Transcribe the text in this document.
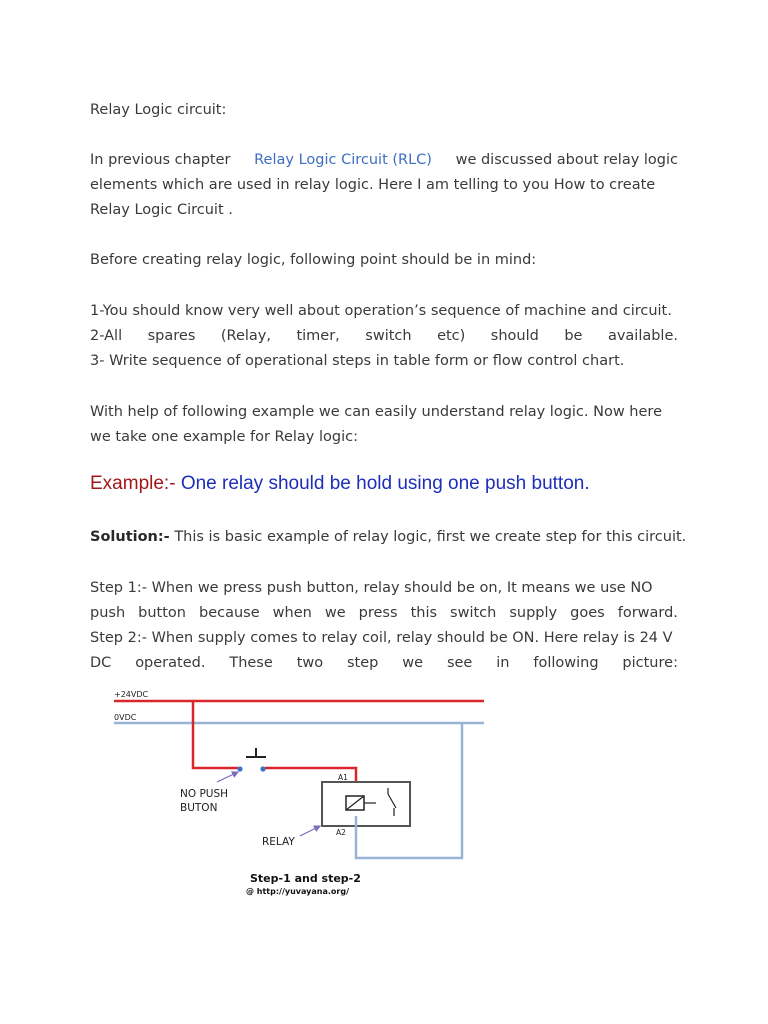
Relay Logic circuit:
In previous chapter Relay Logic Circuit (RLC) we discussed about relay logic
elements which are used in relay logic. Here I am telling to you How to create
Relay Logic Circuit .
Before creating relay logic, following point should be in mind:
1-You should know very well about operation’s sequence of machine and circuit.
2-All spares (Relay, timer, switch etc) should be available.
3- Write sequence of operational steps in table form or flow control chart.
With help of following example we can easily understand relay logic. Now here
we take one example for Relay logic:
Example:- One relay should be hold using one push button.
Solution:- This is basic example of relay logic, first we create step for this circuit.
Step 1:- When we press push button, relay should be on, It means we use NO
push button because when we press this switch supply goes forward.
Step 2:- When supply comes to relay coil, relay should be ON. Here relay is 24 V
DC operated. These two step we see in following picture:
+24VDC
0VDC
A1
A2
NO PUSH
BUTON
RELAY
Step-1 and step-2
@ http://yuvayana.org/
